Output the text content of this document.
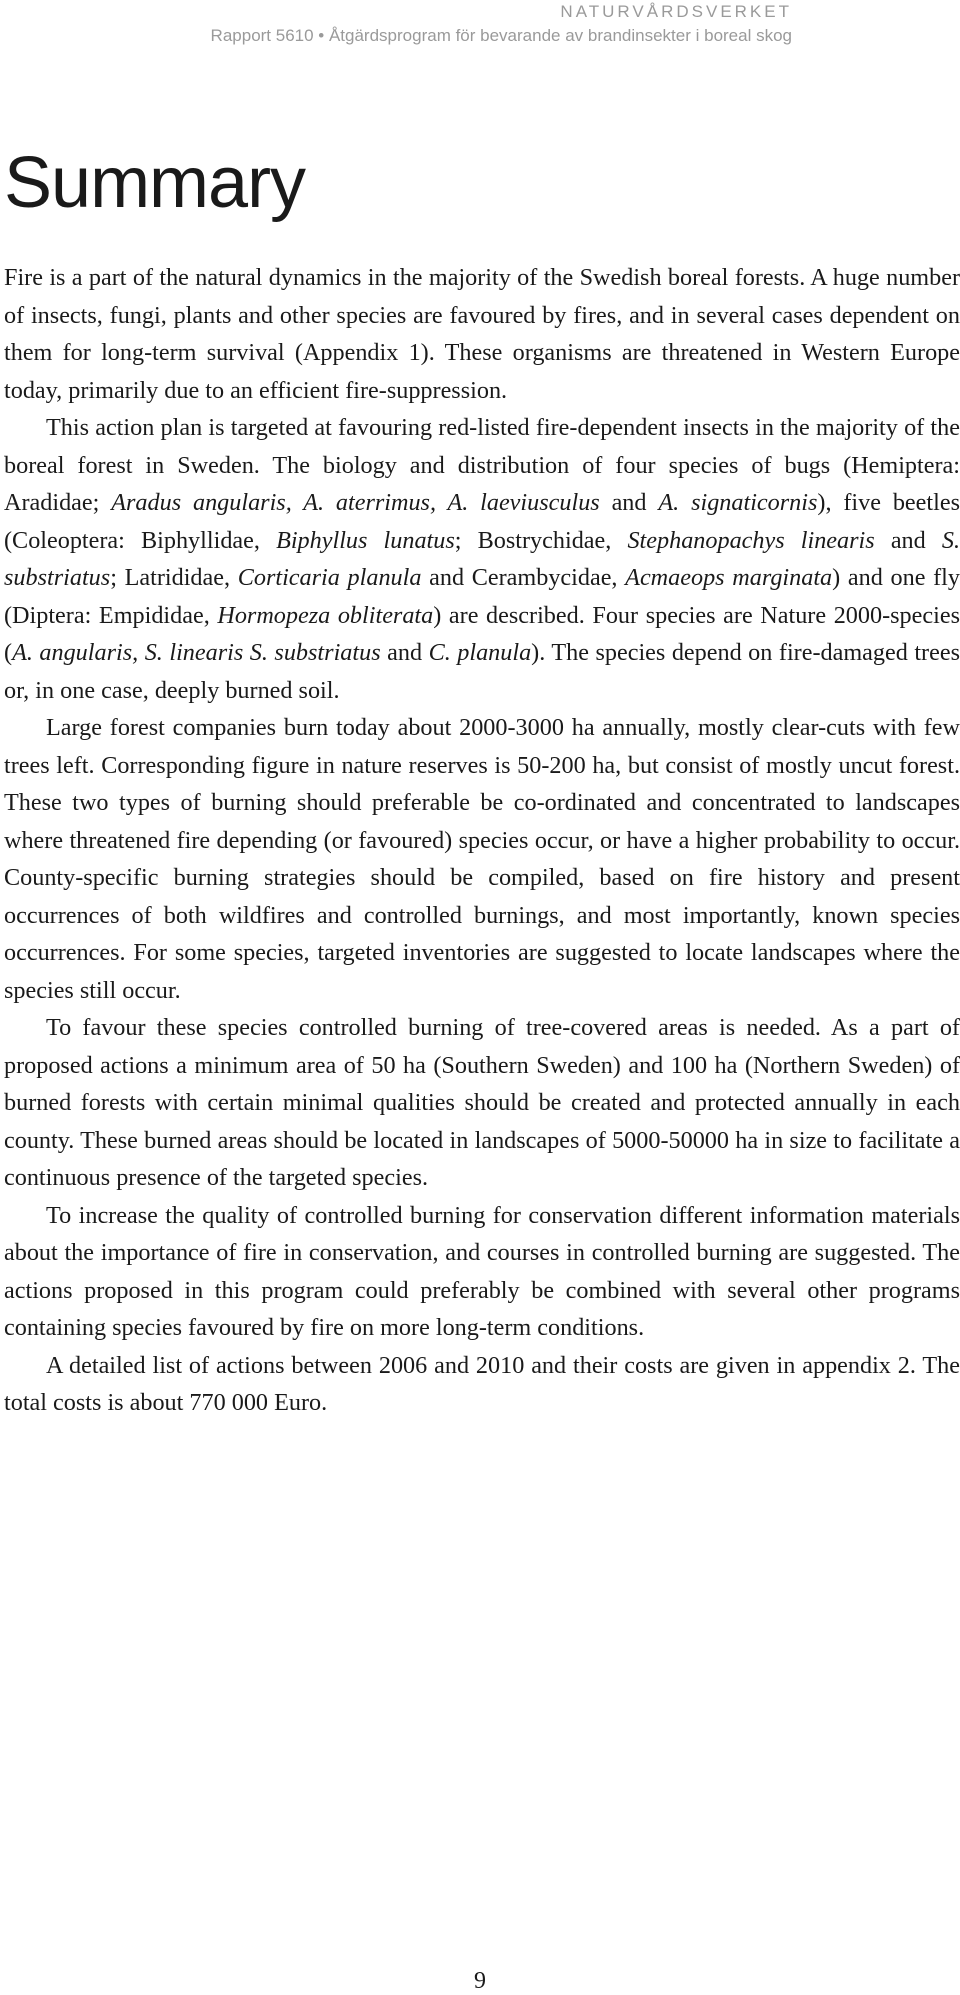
NATURVÅRDSVERKET
Rapport 5610 • Åtgärdsprogram för bevarande av brandinsekter i boreal skog
Summary

Fire is a part of the natural dynamics in the majority of the Swedish boreal forests. A huge number of insects, fungi, plants and other species are favoured by fires, and in several cases dependent on them for long-term survival (Appendix 1). These organisms are threatened in Western Europe today, primarily due to an efficient fire-suppression.

This action plan is targeted at favouring red-listed fire-dependent insects in the majority of the boreal forest in Sweden. The biology and distribution of four species of bugs (Hemiptera: Aradidae; Aradus angularis, A. aterrimus, A. laeviusculus and A. signaticornis), five beetles (Coleoptera: Biphyllidae, Biphyllus lunatus; Bostrychidae, Stephanopachys linearis and S. substriatus; Latrididae, Corticaria planula and Cerambycidae, Acmaeops marginata) and one fly (Diptera: Empididae, Hormopeza obliterata) are described. Four species are Nature 2000-species (A. angularis, S. linearis S. substriatus and C. planula). The species depend on fire-damaged trees or, in one case, deeply burned soil.

Large forest companies burn today about 2000-3000 ha annually, mostly clear-cuts with few trees left. Corresponding figure in nature reserves is 50-200 ha, but consist of mostly uncut forest. These two types of burning should preferable be co-ordinated and concentrated to landscapes where threatened fire depending (or favoured) species occur, or have a higher probability to occur. County-specific burning strategies should be compiled, based on fire history and present occurrences of both wildfires and controlled burnings, and most importantly, known species occurrences. For some species, targeted inventories are suggested to locate landscapes where the species still occur.

To favour these species controlled burning of tree-covered areas is needed. As a part of proposed actions a minimum area of 50 ha (Southern Sweden) and 100 ha (Northern Sweden) of burned forests with certain minimal qualities should be created and protected annually in each county. These burned areas should be located in landscapes of 5000-50000 ha in size to facilitate a continuous presence of the targeted species.

To increase the quality of controlled burning for conservation different information materials about the importance of fire in conservation, and courses in controlled burning are suggested. The actions proposed in this program could preferably be combined with several other programs containing species favoured by fire on more long-term conditions.

A detailed list of actions between 2006 and 2010 and their costs are given in appendix 2. The total costs is about 770 000 Euro.

9
